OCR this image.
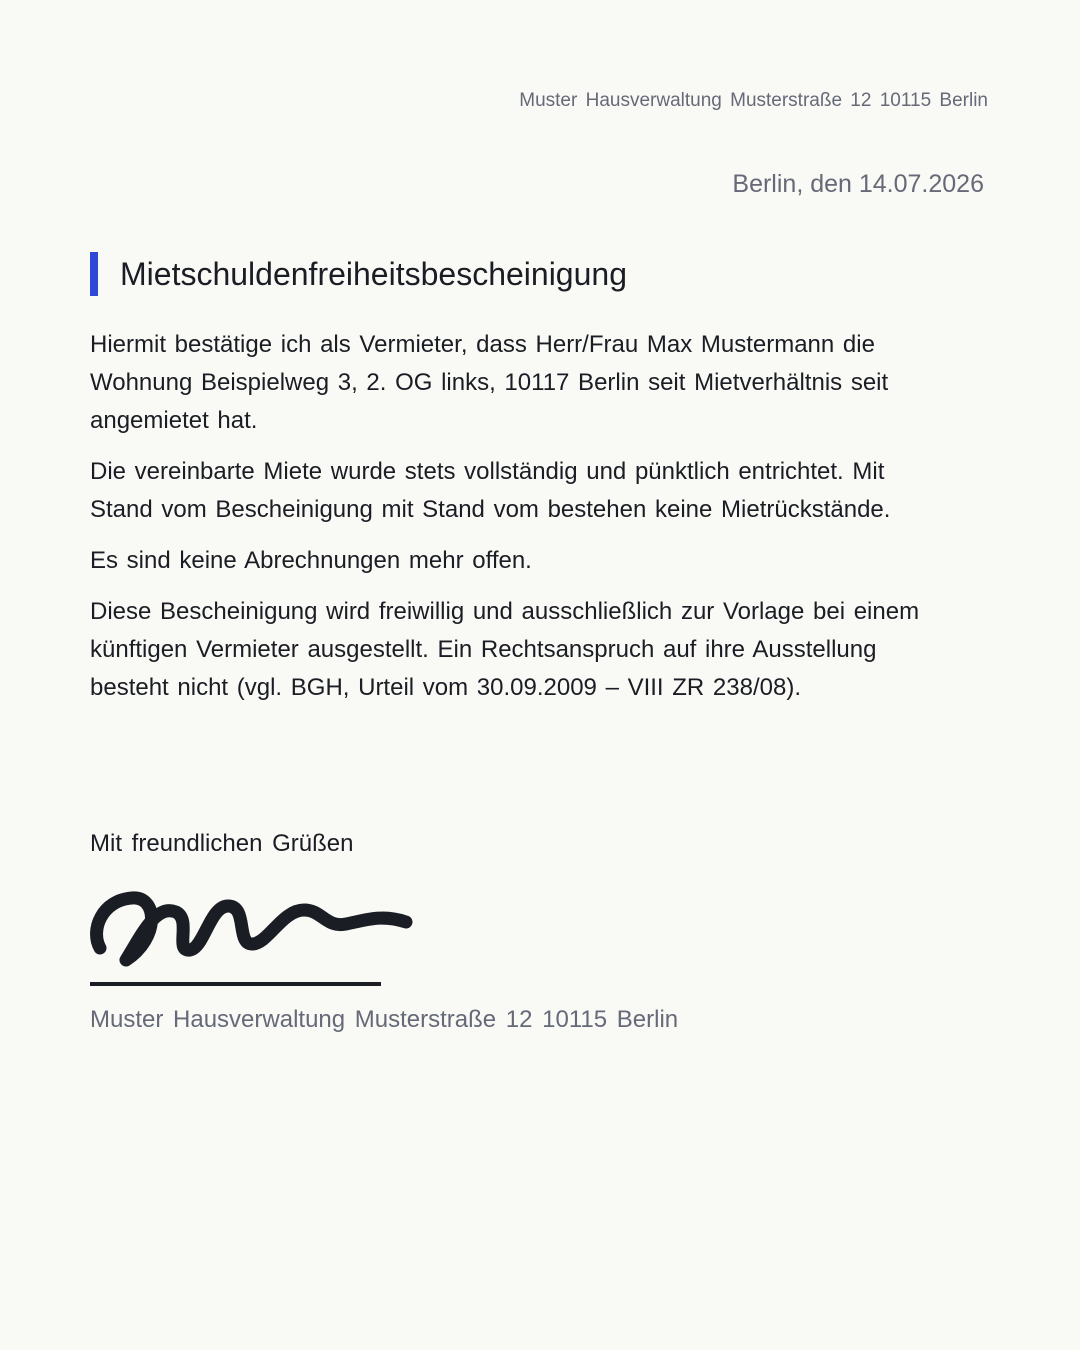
Muster Hausverwaltung Musterstraße 12 10115 Berlin
Berlin, den 14.07.2026
Mietschuldenfreiheitsbescheinigung

Hiermit bestätige ich als Vermieter, dass Herr/Frau Max Mustermann die Wohnung Beispielweg 3, 2. OG links, 10117 Berlin seit Mietverhältnis seit angemietet hat.

Die vereinbarte Miete wurde stets vollständig und pünktlich entrichtet. Mit Stand vom Bescheinigung mit Stand vom bestehen keine Mietrückstände.

Es sind keine Abrechnungen mehr offen.

Diese Bescheinigung wird freiwillig und ausschließlich zur Vorlage bei einem künftigen Vermieter ausgestellt. Ein Rechtsanspruch auf ihre Ausstellung besteht nicht (vgl. BGH, Urteil vom 30.09.2009 – VIII ZR 238/08).

Mit freundlichen Grüßen
Muster Hausverwaltung Musterstraße 12 10115 Berlin
